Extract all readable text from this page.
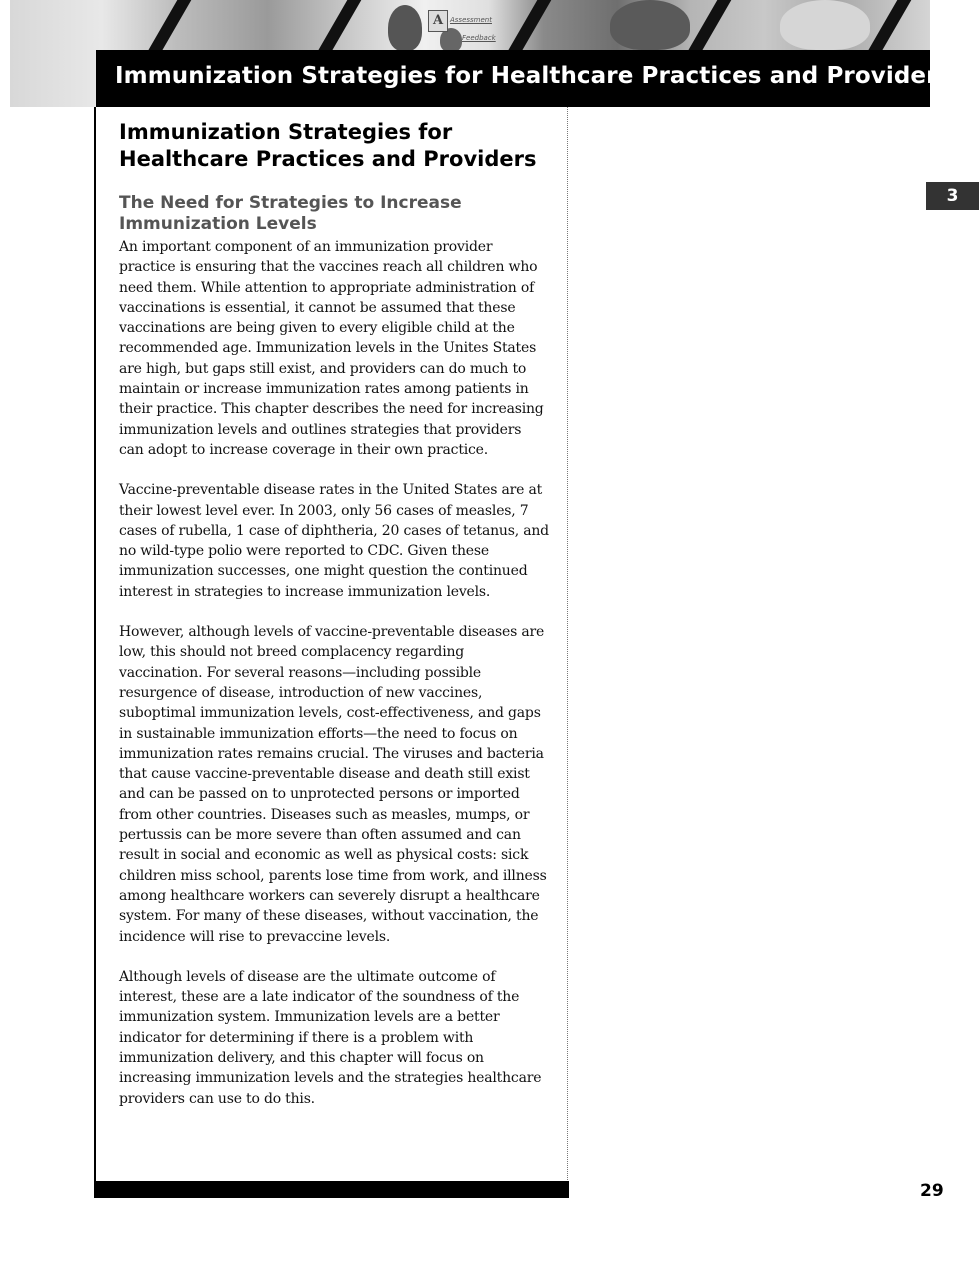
A Assessment
Feedback
Immunization Strategies for Healthcare Practices and Providers
3
Immunization Strategies for Healthcare Practices and Providers
The Need for Strategies to Increase Immunization Levels

An important component of an immunization provider practice is ensuring that the vaccines reach all children who need them. While attention to appropriate administration of vaccinations is essential, it cannot be assumed that these vaccinations are being given to every eligible child at the recommended age. Immunization levels in the Unites States are high, but gaps still exist, and providers can do much to maintain or increase immunization rates among patients in their practice. This chapter describes the need for increasing immunization levels and outlines strategies that providers can adopt to increase coverage in their own practice.

Vaccine-preventable disease rates in the United States are at their lowest level ever. In 2003, only 56 cases of measles, 7 cases of rubella, 1 case of diphtheria, 20 cases of tetanus, and no wild-type polio were reported to CDC. Given these immunization successes, one might question the continued interest in strategies to increase immunization levels.

However, although levels of vaccine-preventable diseases are low, this should not breed complacency regarding vaccination. For several reasons—including possible resurgence of disease, introduction of new vaccines, suboptimal immunization levels, cost-effectiveness, and gaps in sustainable immunization efforts—the need to focus on immunization rates remains crucial. The viruses and bacteria that cause vaccine-preventable disease and death still exist and can be passed on to unprotected persons or imported from other countries. Diseases such as measles, mumps, or pertussis can be more severe than often assumed and can result in social and economic as well as physical costs: sick children miss school, parents lose time from work, and illness among healthcare workers can severely disrupt a healthcare system. For many of these diseases, without vaccination, the incidence will rise to prevaccine levels.

Although levels of disease are the ultimate outcome of interest, these are a late indicator of the soundness of the immunization system. Immunization levels are a better indicator for determining if there is a problem with immunization delivery, and this chapter will focus on increasing immunization levels and the strategies healthcare providers can use to do this.

29
